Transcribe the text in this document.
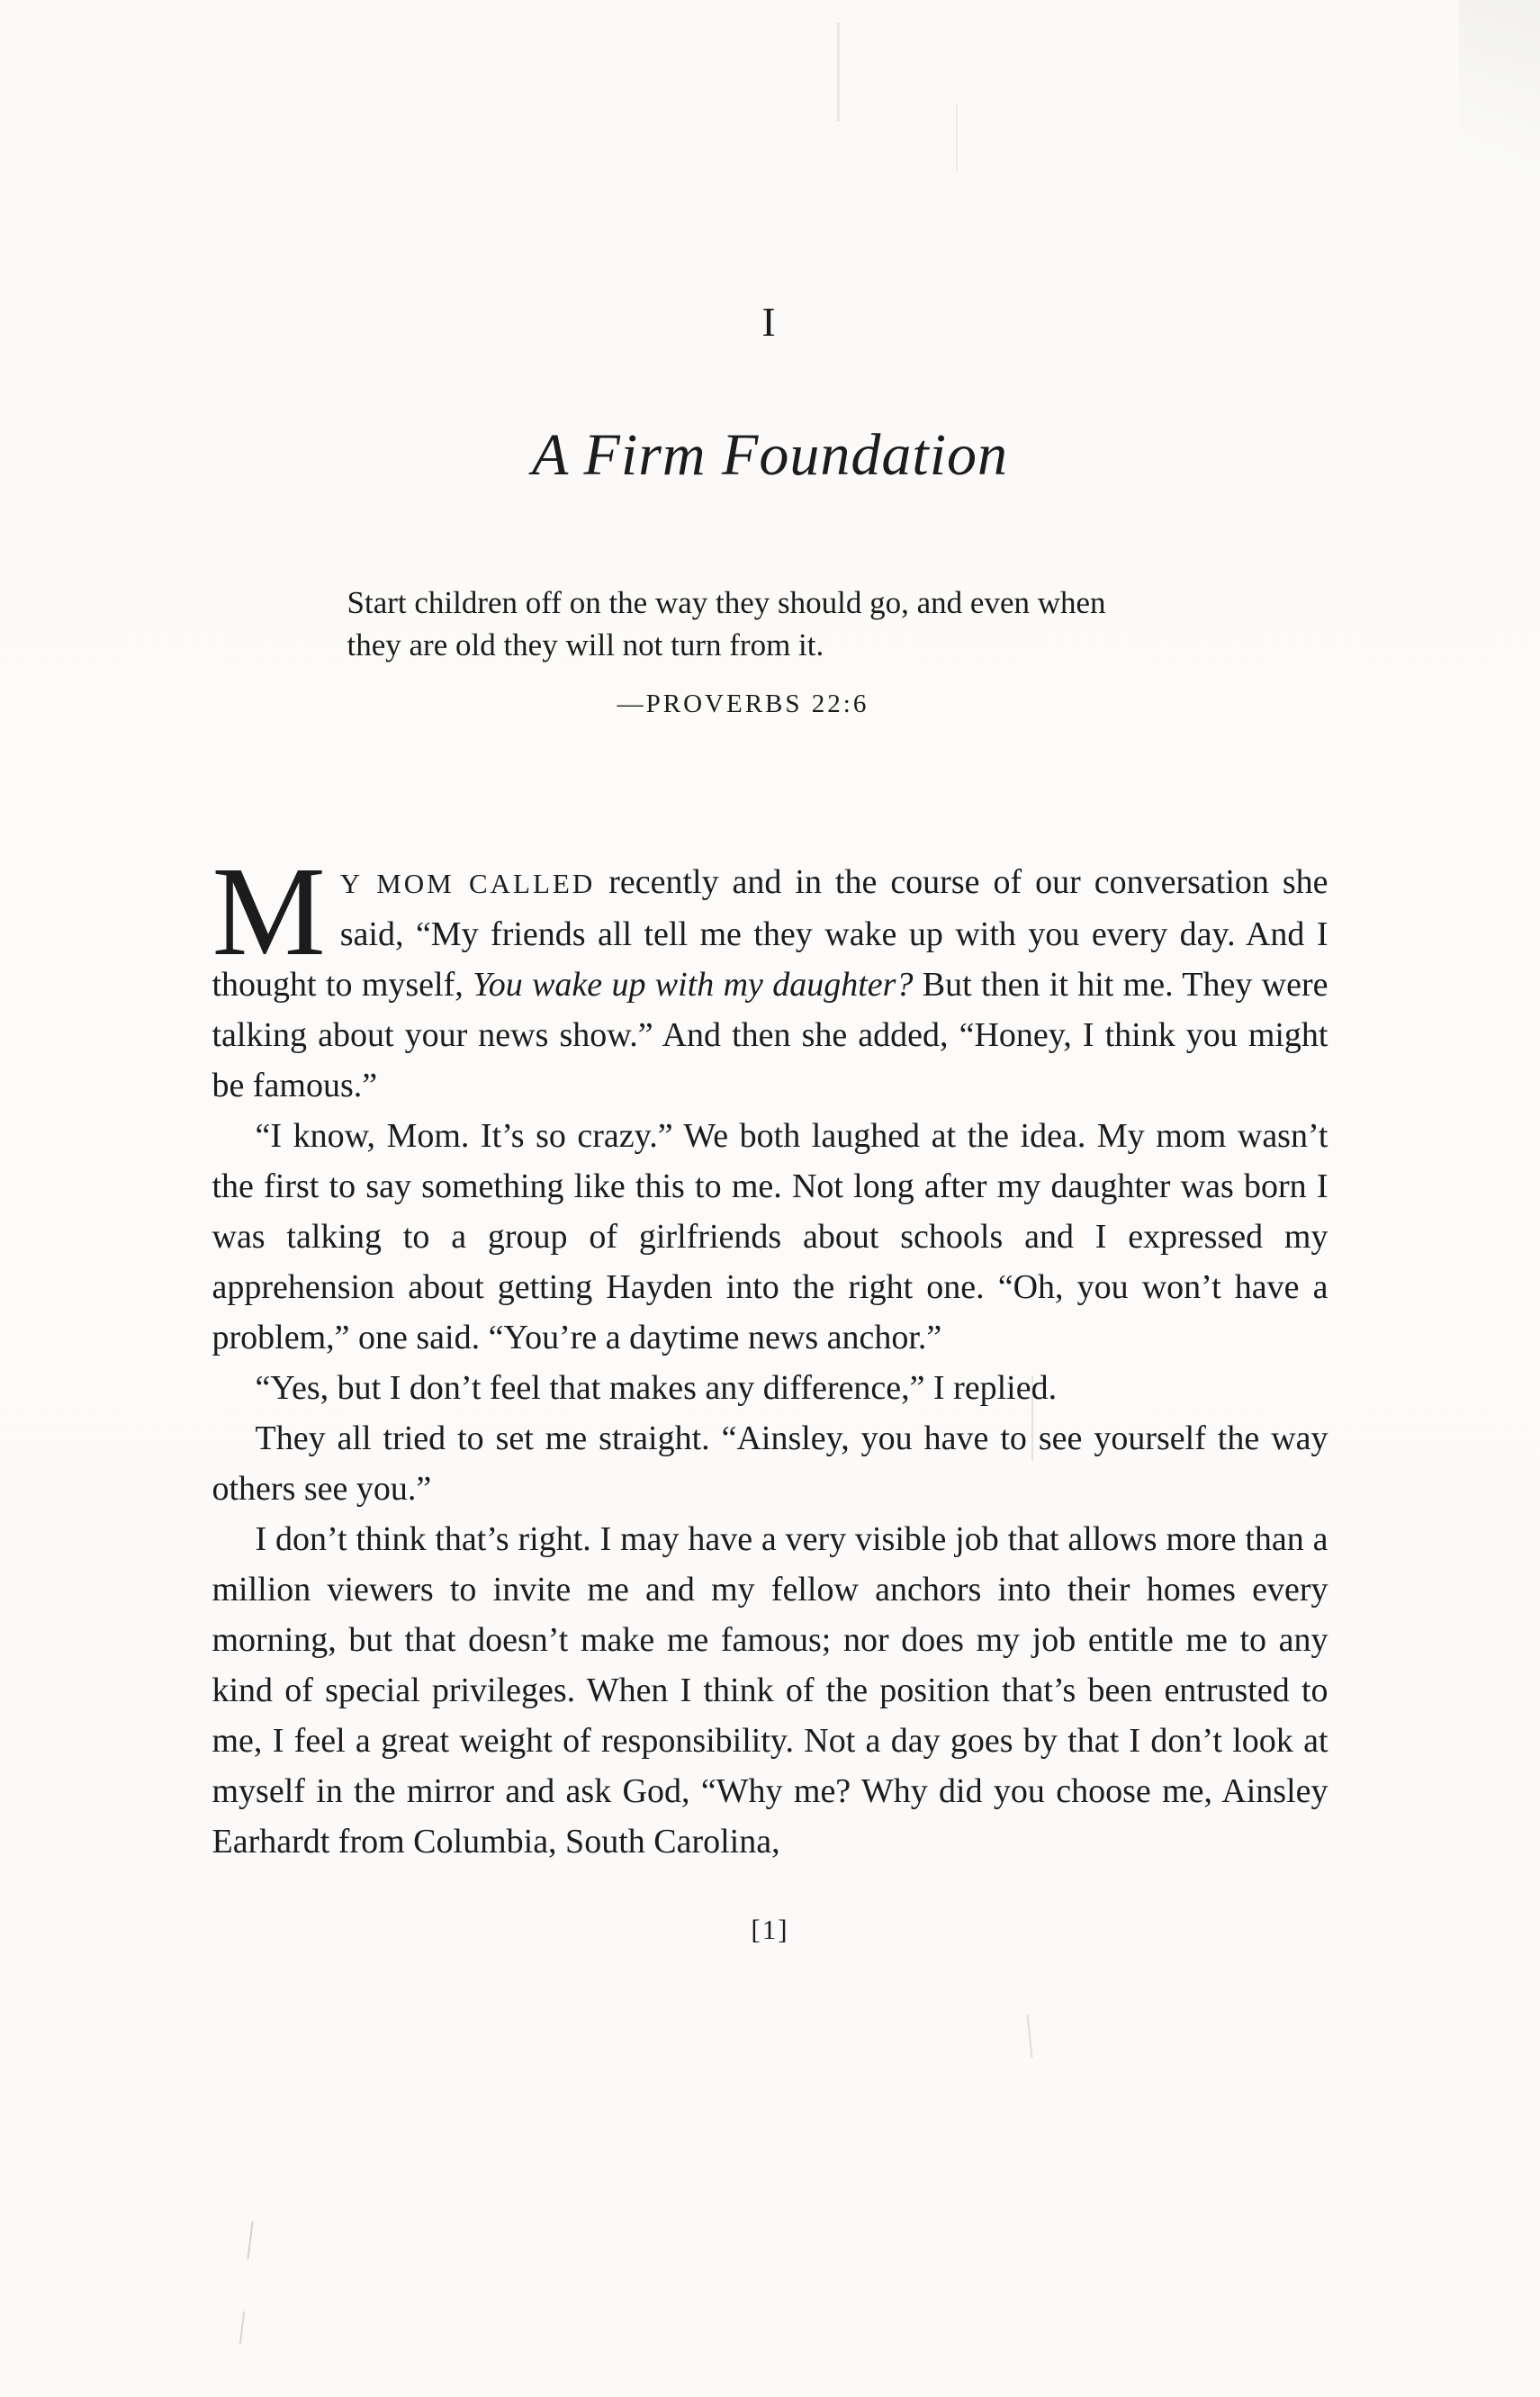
I
A Firm Foundation
Start children off on the way they should go, and even when they are old they will not turn from it.
—PROVERBS 22:6

M Y MOM CALLED recently and in the course of our conversation she said, “My friends all tell me they wake up with you every day. And I thought to myself, You wake up with my daughter? But then it hit me. They were talking about your news show.” And then she added, “Honey, I think you might be famous.”

“I know, Mom. It’s so crazy.” We both laughed at the idea. My mom wasn’t the first to say something like this to me. Not long after my daughter was born I was talking to a group of girlfriends about schools and I expressed my apprehension about getting Hayden into the right one. “Oh, you won’t have a problem,” one said. “You’re a daytime news anchor.”

“Yes, but I don’t feel that makes any difference,” I replied.

They all tried to set me straight. “Ainsley, you have to see yourself the way others see you.”

I don’t think that’s right. I may have a very visible job that allows more than a million viewers to invite me and my fellow anchors into their homes every morning, but that doesn’t make me famous; nor does my job entitle me to any kind of special privileges. When I think of the position that’s been entrusted to me, I feel a great weight of responsibility. Not a day goes by that I don’t look at myself in the mirror and ask God, “Why me? Why did you choose me, Ainsley Earhardt from Columbia, South Carolina,

[1]
